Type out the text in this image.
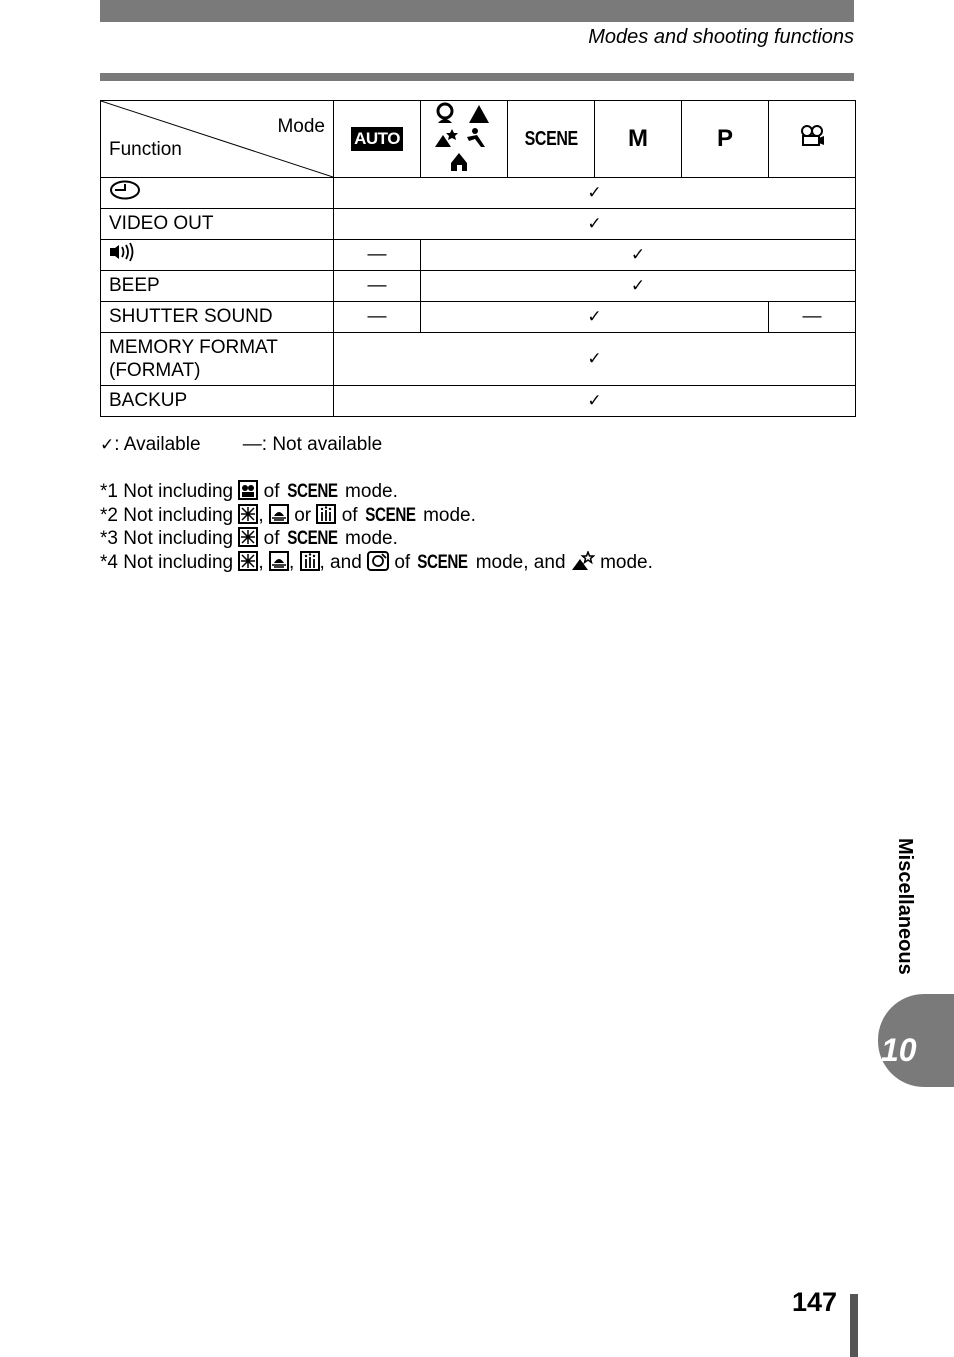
Modes and shooting functions
Mode
Function	AUTO		SCENE	M	P	
	✓					
VIDEO OUT	✓					
	—	✓				
BEEP	—	✓				
SHUTTER SOUND	—	✓				—
MEMORY FORMAT
(FORMAT)	✓					
BACKUP	✓					
✓: Available —: Not available
*1 Not including of SCENE mode.
*2 Not including , or of SCENE mode.
*3 Not including of SCENE mode.
*4 Not including , , , and of SCENE mode, and mode.
Miscellaneous
10
147
